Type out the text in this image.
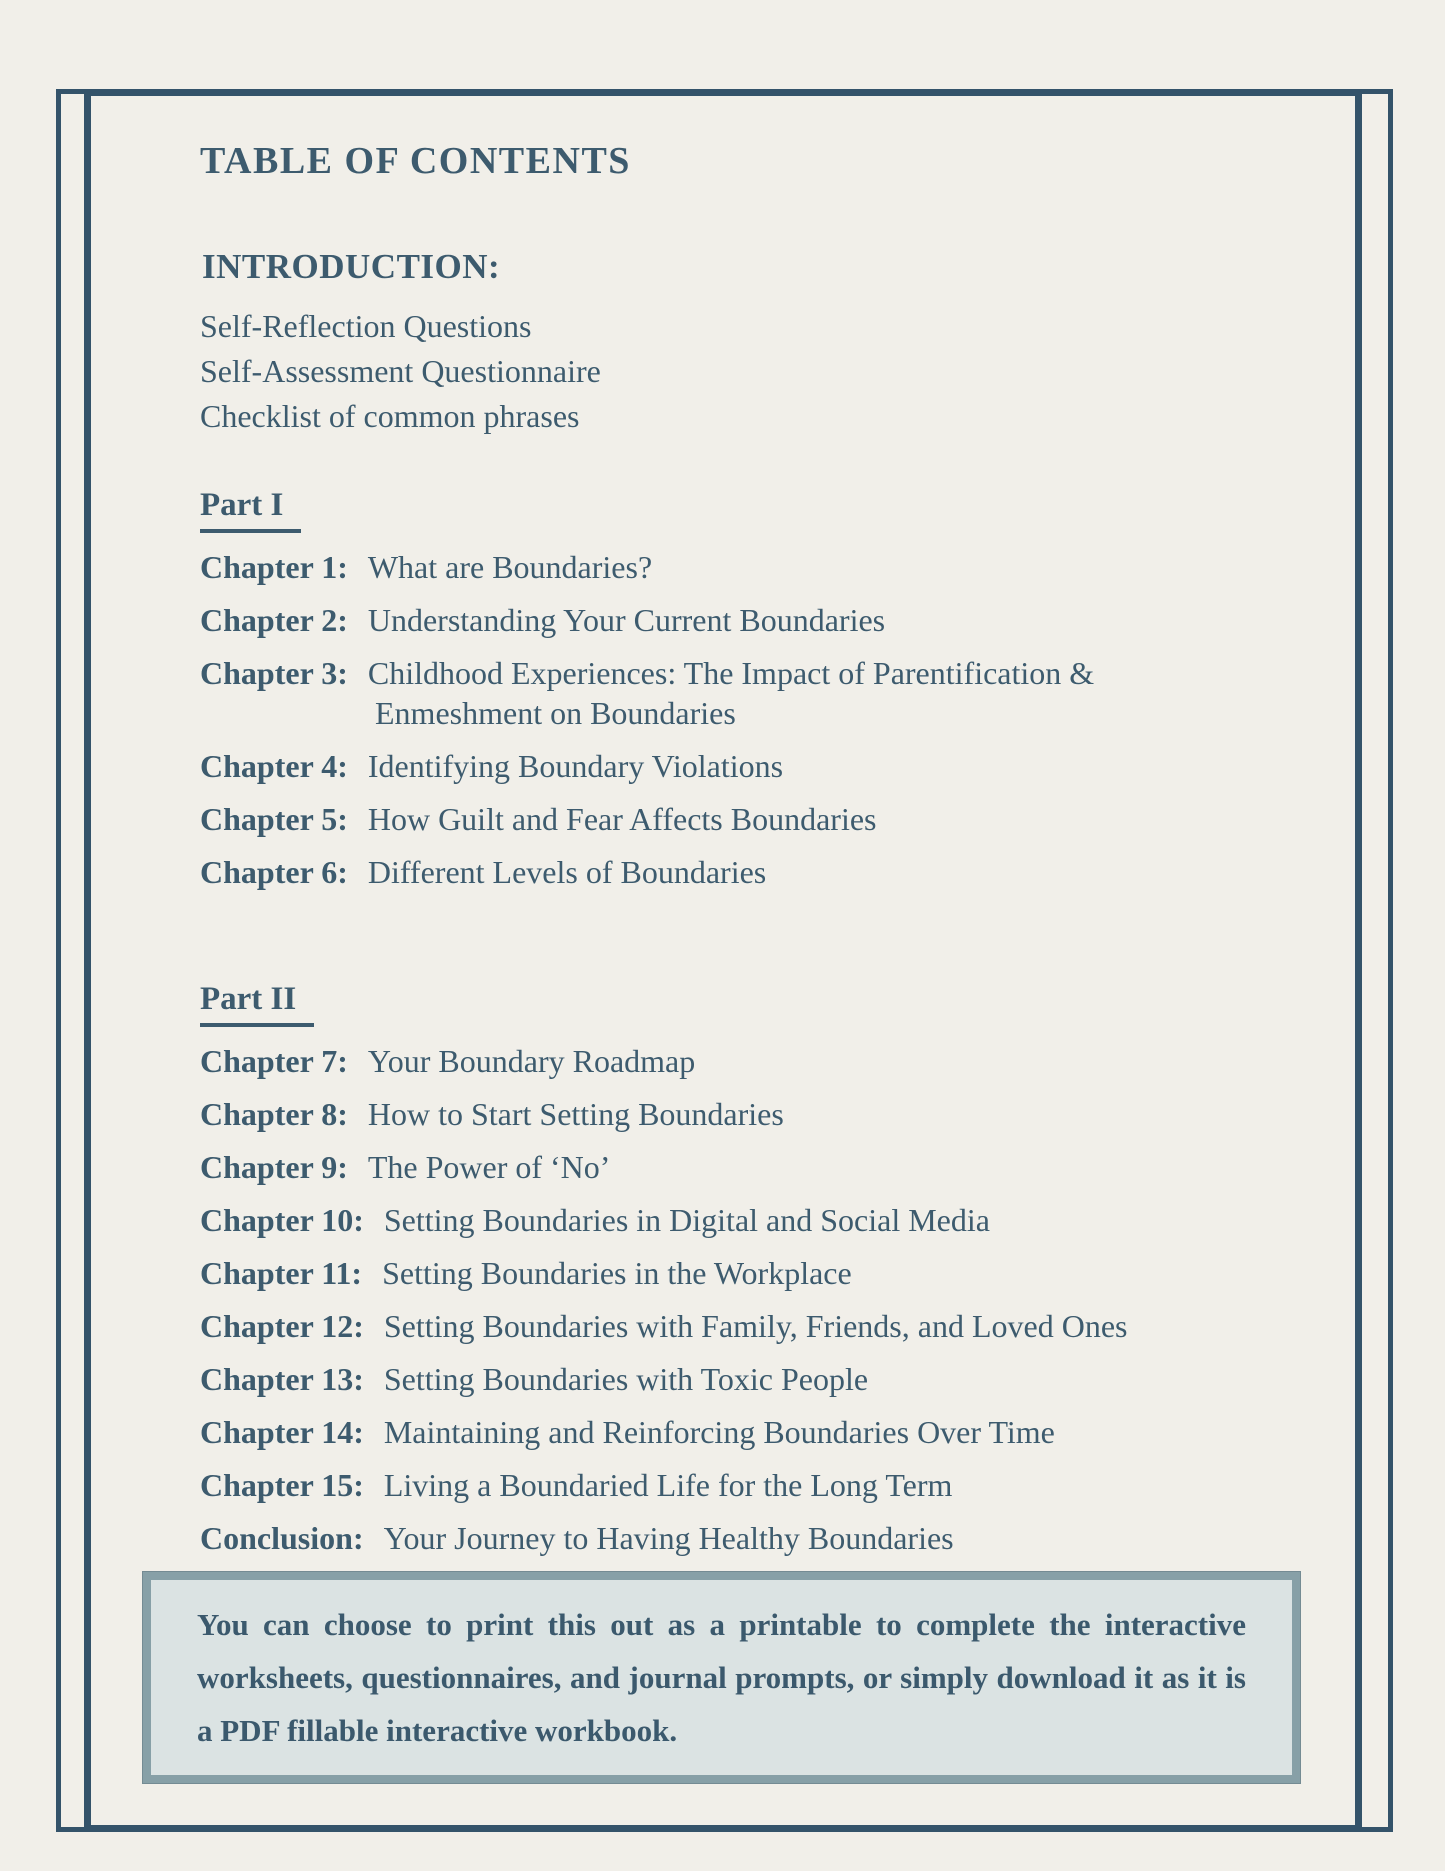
TABLE OF CONTENTS
INTRODUCTION:
Self-Reflection Questions
Self-Assessment Questionnaire
Checklist of common phrases
Part I
Chapter 1: What are Boundaries?
Chapter 2: Understanding Your Current Boundaries
Chapter 3: Childhood Experiences: The Impact of Parentification &
Enmeshment on Boundaries
Chapter 4: Identifying Boundary Violations
Chapter 5: How Guilt and Fear Affects Boundaries
Chapter 6: Different Levels of Boundaries
Part II
Chapter 7: Your Boundary Roadmap
Chapter 8: How to Start Setting Boundaries
Chapter 9: The Power of ‘No’
Chapter 10: Setting Boundaries in Digital and Social Media
Chapter 11: Setting Boundaries in the Workplace
Chapter 12: Setting Boundaries with Family, Friends, and Loved Ones
Chapter 13: Setting Boundaries with Toxic People
Chapter 14: Maintaining and Reinforcing Boundaries Over Time
Chapter 15: Living a Boundaried Life for the Long Term
Conclusion: Your Journey to Having Healthy Boundaries

You can choose to print this out as a printable to complete the interactive worksheets, questionnaires, and journal prompts, or simply download it as it is a PDF fillable interactive workbook.
